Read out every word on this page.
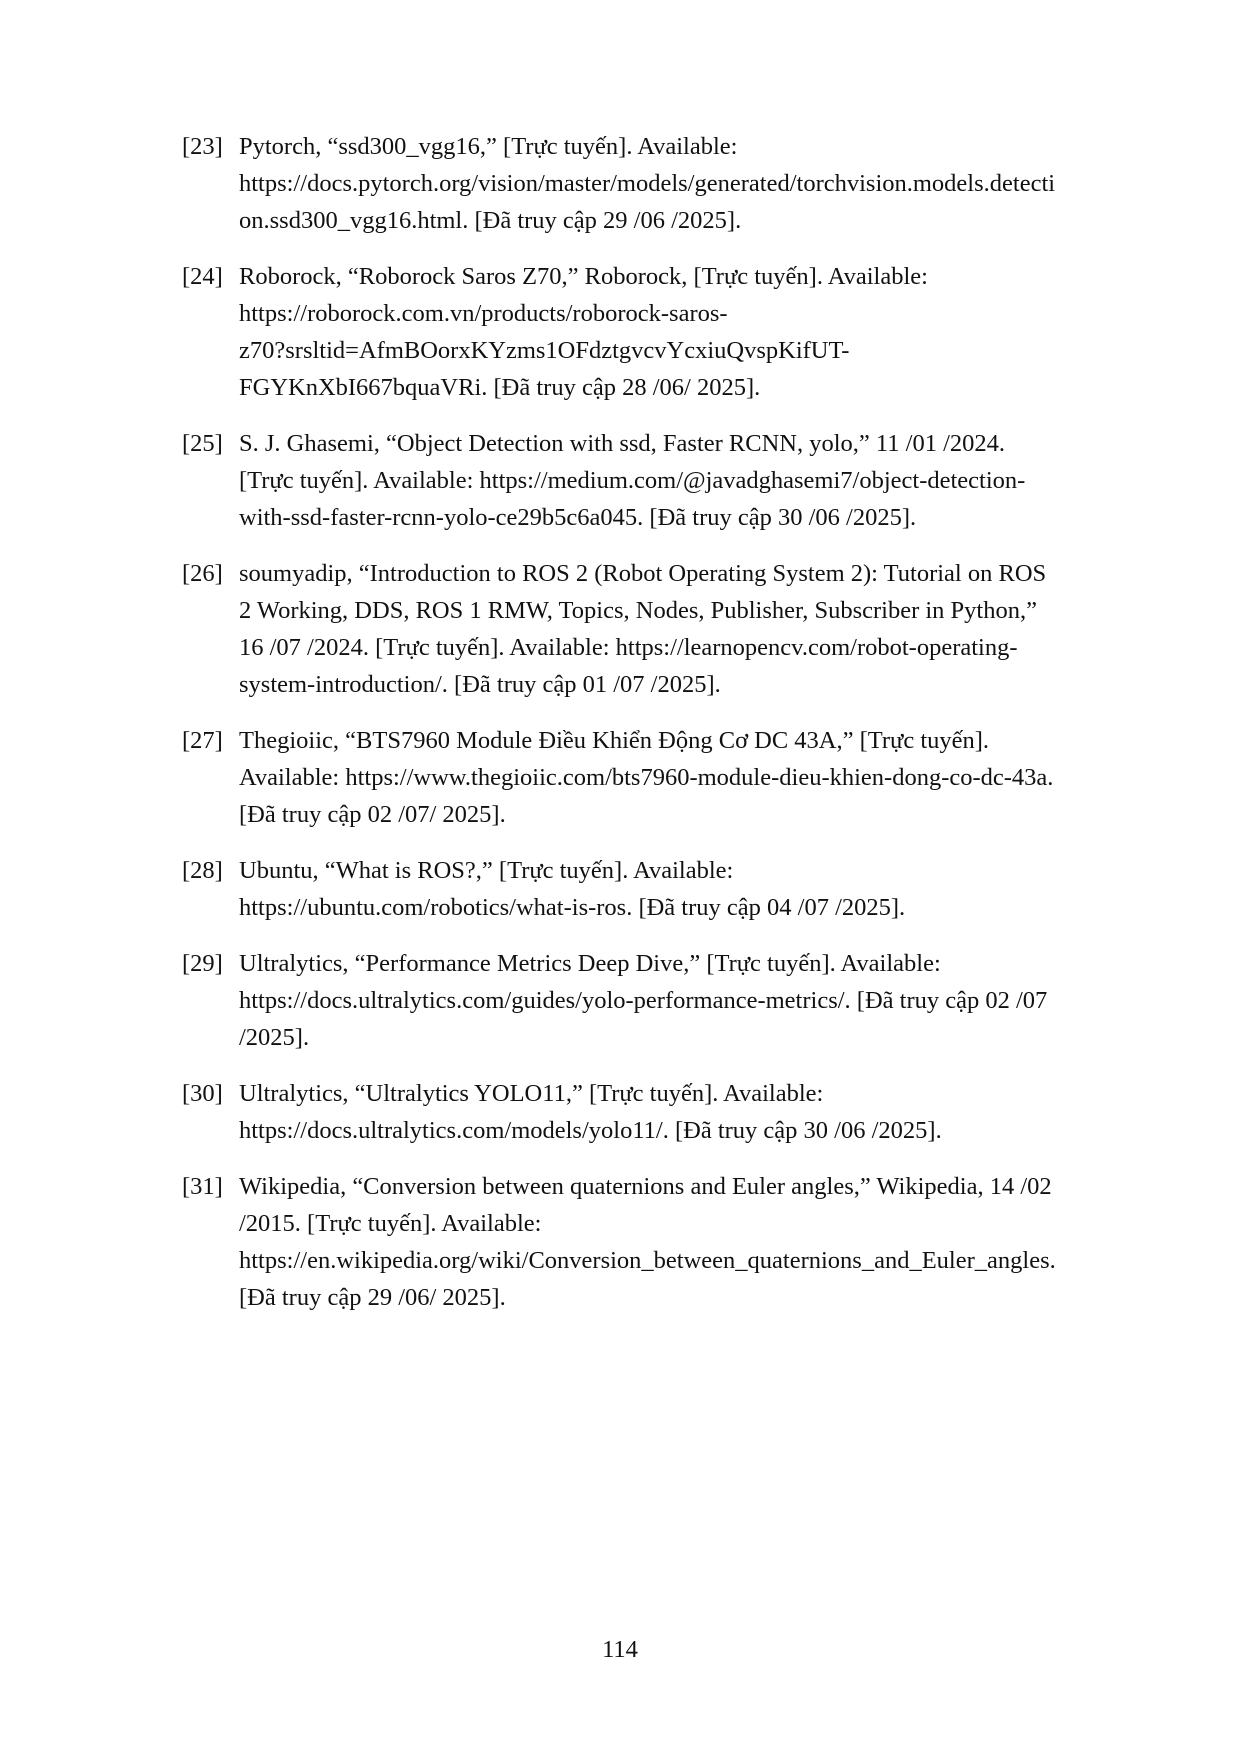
[23] Pytorch, “ssd300_vgg16,” [Trực tuyến]. Available:
https://docs.pytorch.org/vision/master/models/generated/torchvision.models.detecti
on.ssd300_vgg16.html. [Đã truy cập 29 /06 /2025].
[24] Roborock, “Roborock Saros Z70,” Roborock, [Trực tuyến]. Available:
https://roborock.com.vn/products/roborock-saros-
z70?srsltid=AfmBOorxKYzms1OFdztgvcvYcxiuQvspKifUT-
FGYKnXbI667bquaVRi. [Đã truy cập 28 /06/ 2025].
[25] S. J. Ghasemi, “Object Detection with ssd, Faster RCNN, yolo,” 11 /01 /2024.
[Trực tuyến]. Available: https://medium.com/@javadghasemi7/object-detection-
with-ssd-faster-rcnn-yolo-ce29b5c6a045. [Đã truy cập 30 /06 /2025].
[26] soumyadip, “Introduction to ROS 2 (Robot Operating System 2): Tutorial on ROS
2 Working, DDS, ROS 1 RMW, Topics, Nodes, Publisher, Subscriber in Python,”
16 /07 /2024. [Trực tuyến]. Available: https://learnopencv.com/robot-operating-
system-introduction/. [Đã truy cập 01 /07 /2025].
[27] Thegioiic, “BTS7960 Module Điều Khiển Động Cơ DC 43A,” [Trực tuyến].
Available: https://www.thegioiic.com/bts7960-module-dieu-khien-dong-co-dc-43a.
[Đã truy cập 02 /07/ 2025].
[28] Ubuntu, “What is ROS?,” [Trực tuyến]. Available:
https://ubuntu.com/robotics/what-is-ros. [Đã truy cập 04 /07 /2025].
[29] Ultralytics, “Performance Metrics Deep Dive,” [Trực tuyến]. Available:
https://docs.ultralytics.com/guides/yolo-performance-metrics/. [Đã truy cập 02 /07
/2025].
[30] Ultralytics, “Ultralytics YOLO11,” [Trực tuyến]. Available:
https://docs.ultralytics.com/models/yolo11/. [Đã truy cập 30 /06 /2025].
[31] Wikipedia, “Conversion between quaternions and Euler angles,” Wikipedia, 14 /02
/2015. [Trực tuyến]. Available:
https://en.wikipedia.org/wiki/Conversion_between_quaternions_and_Euler_angles.
[Đã truy cập 29 /06/ 2025].
114
